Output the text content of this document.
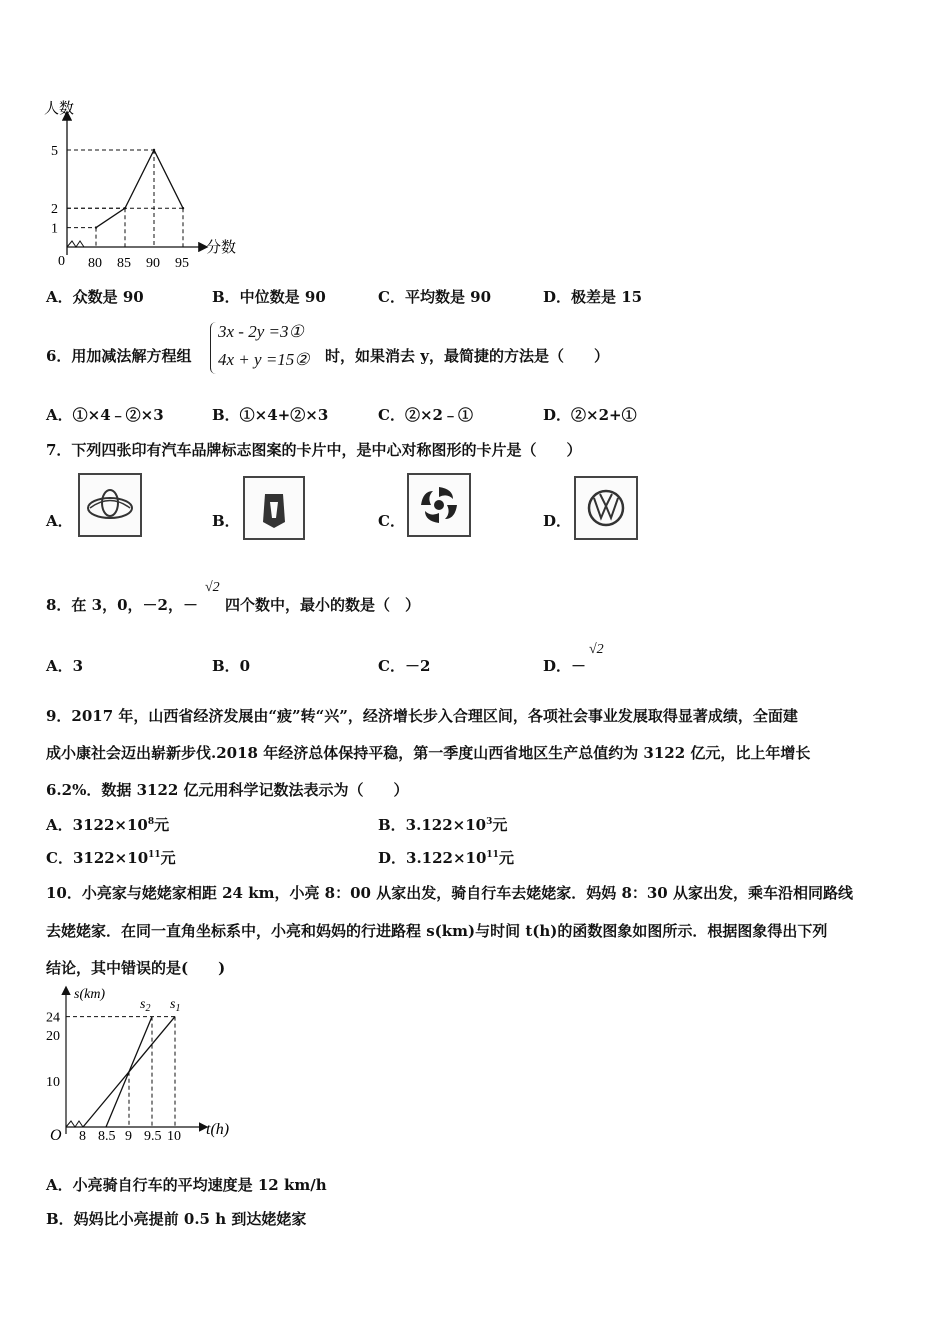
人数
分数
0
5
2
1
80 85 90 95
A．众数是 90	B．中位数是 90	C．平均数是 90	D．极差是 15
6．用加减法解方程组
3x - 2y =3①
4x + y =15② 时，如果消去 y，最简捷的方法是（　　）
A．①×4﹣②×3	B．①×4+②×3	C．②×2﹣①	D．②×2+①
7．下列四张印有汽车品牌标志图案的卡片中，是中心对称图形的卡片是（　　）
A．	B．	C．	D．
8．在 3，0，－2，－
√2
四个数中，最小的数是（　）
A．3	B．0	C．－2	D．－
√2
9．2017 年，山西省经济发展由“疲”转“兴”，经济增长步入合理区间，各项社会事业发展取得显著成绩，全面建
成小康社会迈出崭新步伐.2018 年经济总体保持平稳，第一季度山西省地区生产总值约为 3122 亿元，比上年增长
6.2%．数据 3122 亿元用科学记数法表示为（　　）
A．$3122\times 10^8$元	B．$3.122\times 10^3$元
C．$3122\times 10^{11}$元	D．$3.122\times 10^{11}$元
10．小亮家与姥姥家相距 24 km，小亮 8：00 从家出发，骑自行车去姥姥家．妈妈 8：30 从家出发，乘车沿相同路线
去姥姥家．在同一直角坐标系中，小亮和妈妈的行进路程 s(km)与时间 t(h)的函数图象如图所示．根据图象得出下列
结论，其中错误的是(　　)
s(km)
t(h)
O
24
20
10
8 8.5 9 9.5 10
$s_2$ $s_1$
A．小亮骑自行车的平均速度是 12 km/h
B．妈妈比小亮提前 0.5 h 到达姥姥家
